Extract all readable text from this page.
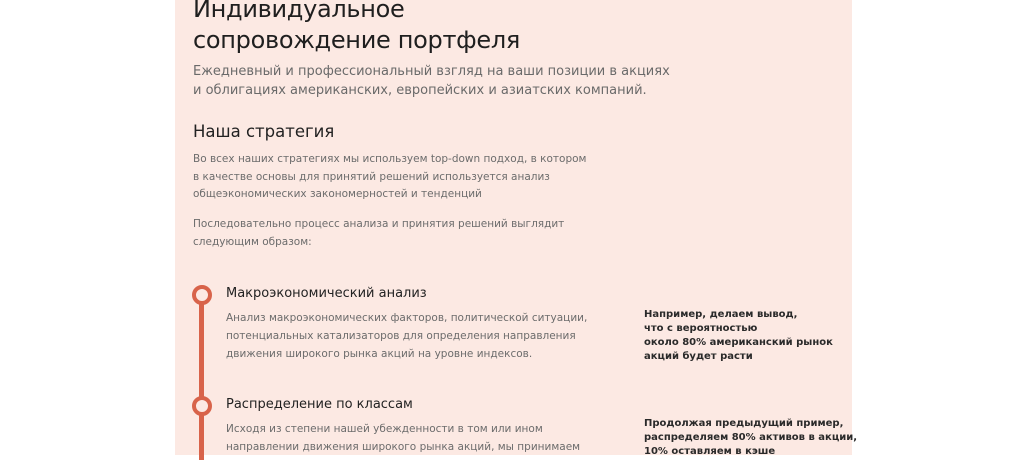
Индивидуальное
сопровождение портфеля

Ежедневный и профессиональный взгляд на ваши позиции в акциях
и облигациях американских, европейских и азиатских компаний.

Наша стратегия

Во всех наших стратегиях мы используем top-down подход, в котором
в качестве основы для принятий решений используется анализ
общеэкономических закономерностей и тенденций

Последовательно процесс анализа и принятия решений выглядит
следующим образом:

Макроэкономический анализ

Анализ макроэкономических факторов, политической ситуации,
потенциальных катализаторов для определения направления
движения широкого рынка акций на уровне индексов.

Например, делаем вывод,
что с вероятностью
около 80% американский рынок
акций будет расти

Распределение по классам

Исходя из степени нашей убежденности в том или ином
направлении движения широкого рынка акций, мы принимаем

Продолжая предыдущий пример,
распределяем 80% активов в акции,
10% оставляем в кэше
